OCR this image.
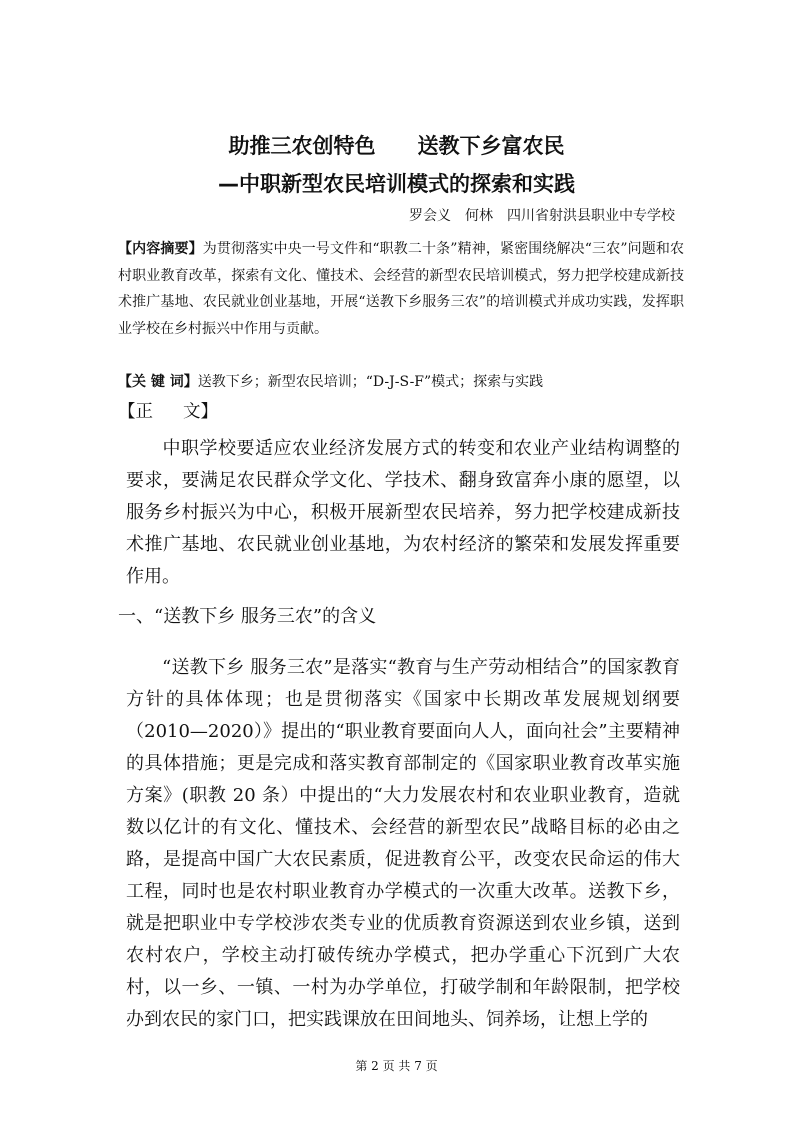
助推三农创特色 送教下乡富农民
—中职新型农民培训模式的探索和实践
罗会义　何林 四川省射洪县职业中专学校
【内容摘要】为贯彻落实中央一号文件和“职教二十条”精神，紧密围绕解决“三农”问题和农村职业教育改革，探索有文化、懂技术、会经营的新型农民培训模式，努力把学校建成新技术推广基地、农民就业创业基地，开展“送教下乡服务三农”的培训模式并成功实践，发挥职业学校在乡村振兴中作用与贡献。
【关 键 词】送教下乡；新型农民培训；“D-J-S-F”模式；探索与实践
【正 文】
中职学校要适应农业经济发展方式的转变和农业产业结构调整的要求，要满足农民群众学文化、学技术、翻身致富奔小康的愿望，以服务乡村振兴为中心，积极开展新型农民培养，努力把学校建成新技术推广基地、农民就业创业基地，为农村经济的繁荣和发展发挥重要作用。
一、“送教下乡 服务三农”的含义
“送教下乡 服务三农”是落实“教育与生产劳动相结合”的国家教育方针的具体体现；也是贯彻落实《国家中长期改革发展规划纲要（2010—2020）》提出的“职业教育要面向人人，面向社会”主要精神的具体措施；更是完成和落实教育部制定的《国家职业教育改革实施方案》(职教 20 条）中提出的“大力发展农村和农业职业教育，造就数以亿计的有文化、懂技术、会经营的新型农民”战略目标的必由之路，是提高中国广大农民素质，促进教育公平，改变农民命运的伟大工程，同时也是农村职业教育办学模式的一次重大改革。送教下乡，就是把职业中专学校涉农类专业的优质教育资源送到农业乡镇，送到农村农户，学校主动打破传统办学模式，把办学重心下沉到广大农村，以一乡、一镇、一村为办学单位，打破学制和年龄限制，把学校办到农民的家门口，把实践课放在田间地头、饲养场，让想上学的
第 2 页 共 7 页
